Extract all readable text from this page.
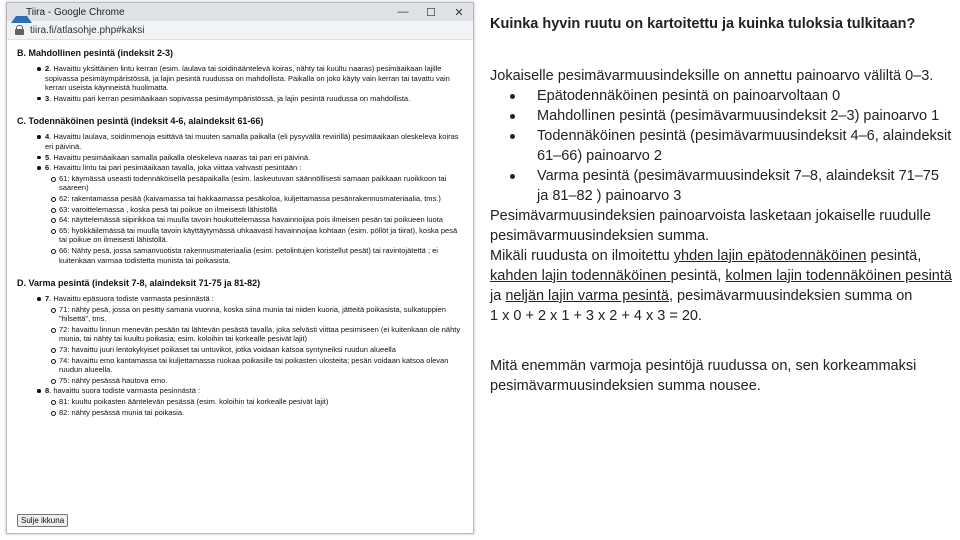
Tiira - Google Chrome	—	☐	✕
tiira.fi/atlasohje.php#kaksi
B. Mahdollinen pesintä (indeksit 2-3)
2. Havaittu yksittäinen lintu kerran (esim. laulava tai soidinääntelevä koiras, nähty tai kuultu naaras) pesimäaikaan lajille sopivassa pesimäympäristössä, ja lajin pesintä ruudussa on mahdollista. Paikalla on joko käyty vain kerran tai tavattu vain kerran useista käynneistä huolimatta.
3. Havaittu pari kerran pesimäaikaan sopivassa pesimäympäristössä, ja lajin pesintä ruudussa on mahdollista.
C. Todennäköinen pesintä (indeksit 4-6, alaindeksit 61-66)
4. Havaittu laulava, soidinmenoja esittävä tai muuten samalla paikalla (eli pysyvällä reviirillä) pesimäaikaan oleskeleva koiras eri päivinä.
5. Havaittu pesimäaikaan samalla paikalla oleskeleva naaras tai pari eri päivinä.
6. Havaittu lintu tai pari pesimäaikaan tavalla, joka viittaa vahvasti pesintään :
61: käymässä useasti todennäköisellä pesäpaikalla (esim. laskeutuvan säännöllisesti samaan paikkaan ruoikkoon tai saareen)
62: rakentamassa pesää (kaivamassa tai hakkaamassa pesäkoloa, kuljettamassa pesänrakennusmateriaalia, tms.)
63: varoittelemassa , koska pesä tai poikue on ilmeisesti lähistöllä
64: näyttelemässä siipirikkoa tai muulla tavoin houkuttelemassa havainnoijaa pois ilmeisen pesän tai poikueen luota
65: hyökkäilemässä tai muulla tavoin käyttäytymässä uhkaavasti havainnoijaa kohtaan (esim. pöllöt ja tiirat), koska pesä tai poikue on ilmeisesti lähistöllä.
66: Nähty pesä, jossa samanvuotista rakennusmateriaalia (esim. petolintujen koristellut pesät) tai ravintojätettä ; ei kuitenkaan varmaa todistetta munista tai poikasista.
D. Varma pesintä (indeksit 7-8, alaindeksit 71-75 ja 81-82)
7. Havaittu epäsuora todiste varmasta pesinnästä :
71: nähty pesä, jossa on pesitty samana vuonna, koska siinä munia tai niiden kuoria, jätteitä poikasista, sulkatuppien "hilsettä", tms.
72: havaittu linnun menevän pesään tai lähtevän pesästä tavalla, joka selvästi viittaa pesimiseen (ei kuitenkaan ole nähty munia, tai nähty tai kuultu poikasia; esim. koloihin tai korkealle pesivät lajit)
73: havaittu juuri lentokykyiset poikaset tai untuvikot, jotka voidaan katsoa syntyneiksi ruudun alueella
74: havaittu emo kantamassa tai kuljettamassa ruokaa poikasille tai poikasten ulosteita; pesän voidaan katsoa olevan ruudun alueella.
75: nähty pesässä hautova emo.
8. havaittu suora todiste varmasta pesinnästä :
81: kuultu poikasten ääntelevän pesässä (esim. koloihin tai korkealle pesivät lajit)
82: nähty pesässä munia tai poikasia.
Sulje ikkuna
Kuinka hyvin ruutu on kartoitettu ja kuinka tuloksia tulkitaan?

Jokaiselle pesimävarmuusindeksille on annettu painoarvo väliltä 0–3.

Epätodennäköinen pesintä on painoarvoltaan 0
Mahdollinen pesintä (pesimävarmuusindeksit 2–3) painoarvo 1
Todennäköinen pesintä (pesimävarmuusindeksit 4–6, alaindeksit 61–66) painoarvo 2
Varma pesintä (pesimävarmuusindeksit 7–8, alaindeksit 71–75 ja 81–82 ) painoarvo 3

Pesimävarmuusindeksien painoarvoista lasketaan jokaiselle ruudulle pesimävarmuusindeksien summa.

Mikäli ruudusta on ilmoitettu yhden lajin epätodennäköinen pesintä, kahden lajin todennäköinen pesintä, kolmen lajin todennäköinen pesintä ja neljän lajin varma pesintä, pesimävarmuusindeksien summa on

1 x 0 + 2 x 1 + 3 x 2 + 4 x 3 = 20.

Mitä enemmän varmoja pesintöjä ruudussa on, sen korkeammaksi pesimävarmuusindeksien summa nousee.
